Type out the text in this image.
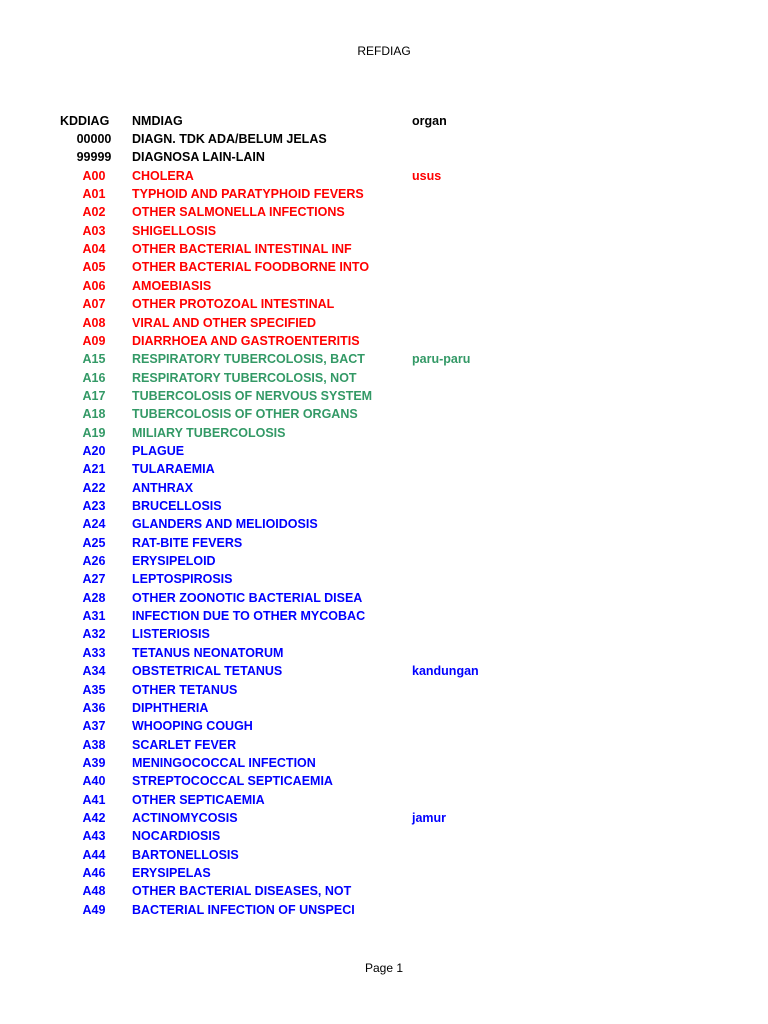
REFDIAG
KDDIAG	NMDIAG	organ
00000	DIAGN. TDK ADA/BELUM JELAS
99999	DIAGNOSA LAIN-LAIN
A00	CHOLERA	usus
A01	TYPHOID AND PARATYPHOID FEVERS
A02	OTHER SALMONELLA INFECTIONS
A03	SHIGELLOSIS
A04	OTHER BACTERIAL INTESTINAL INF
A05	OTHER BACTERIAL FOODBORNE INTO
A06	AMOEBIASIS
A07	OTHER PROTOZOAL INTESTINAL
A08	VIRAL AND OTHER SPECIFIED
A09	DIARRHOEA AND GASTROENTERITIS
A15	RESPIRATORY TUBERCOLOSIS, BACT	paru-paru
A16	RESPIRATORY TUBERCOLOSIS, NOT
A17	TUBERCOLOSIS OF NERVOUS SYSTEM
A18	TUBERCOLOSIS OF OTHER ORGANS
A19	MILIARY TUBERCOLOSIS
A20	PLAGUE
A21	TULARAEMIA
A22	ANTHRAX
A23	BRUCELLOSIS
A24	GLANDERS AND MELIOIDOSIS
A25	RAT-BITE FEVERS
A26	ERYSIPELOID
A27	LEPTOSPIROSIS
A28	OTHER ZOONOTIC BACTERIAL DISEA
A31	INFECTION DUE TO OTHER MYCOBAC
A32	LISTERIOSIS
A33	TETANUS NEONATORUM
A34	OBSTETRICAL TETANUS	kandungan
A35	OTHER TETANUS
A36	DIPHTHERIA
A37	WHOOPING COUGH
A38	SCARLET FEVER
A39	MENINGOCOCCAL INFECTION
A40	STREPTOCOCCAL SEPTICAEMIA
A41	OTHER SEPTICAEMIA
A42	ACTINOMYCOSIS	jamur
A43	NOCARDIOSIS
A44	BARTONELLOSIS
A46	ERYSIPELAS
A48	OTHER BACTERIAL DISEASES, NOT
A49	BACTERIAL INFECTION OF UNSPECI
Page 1
